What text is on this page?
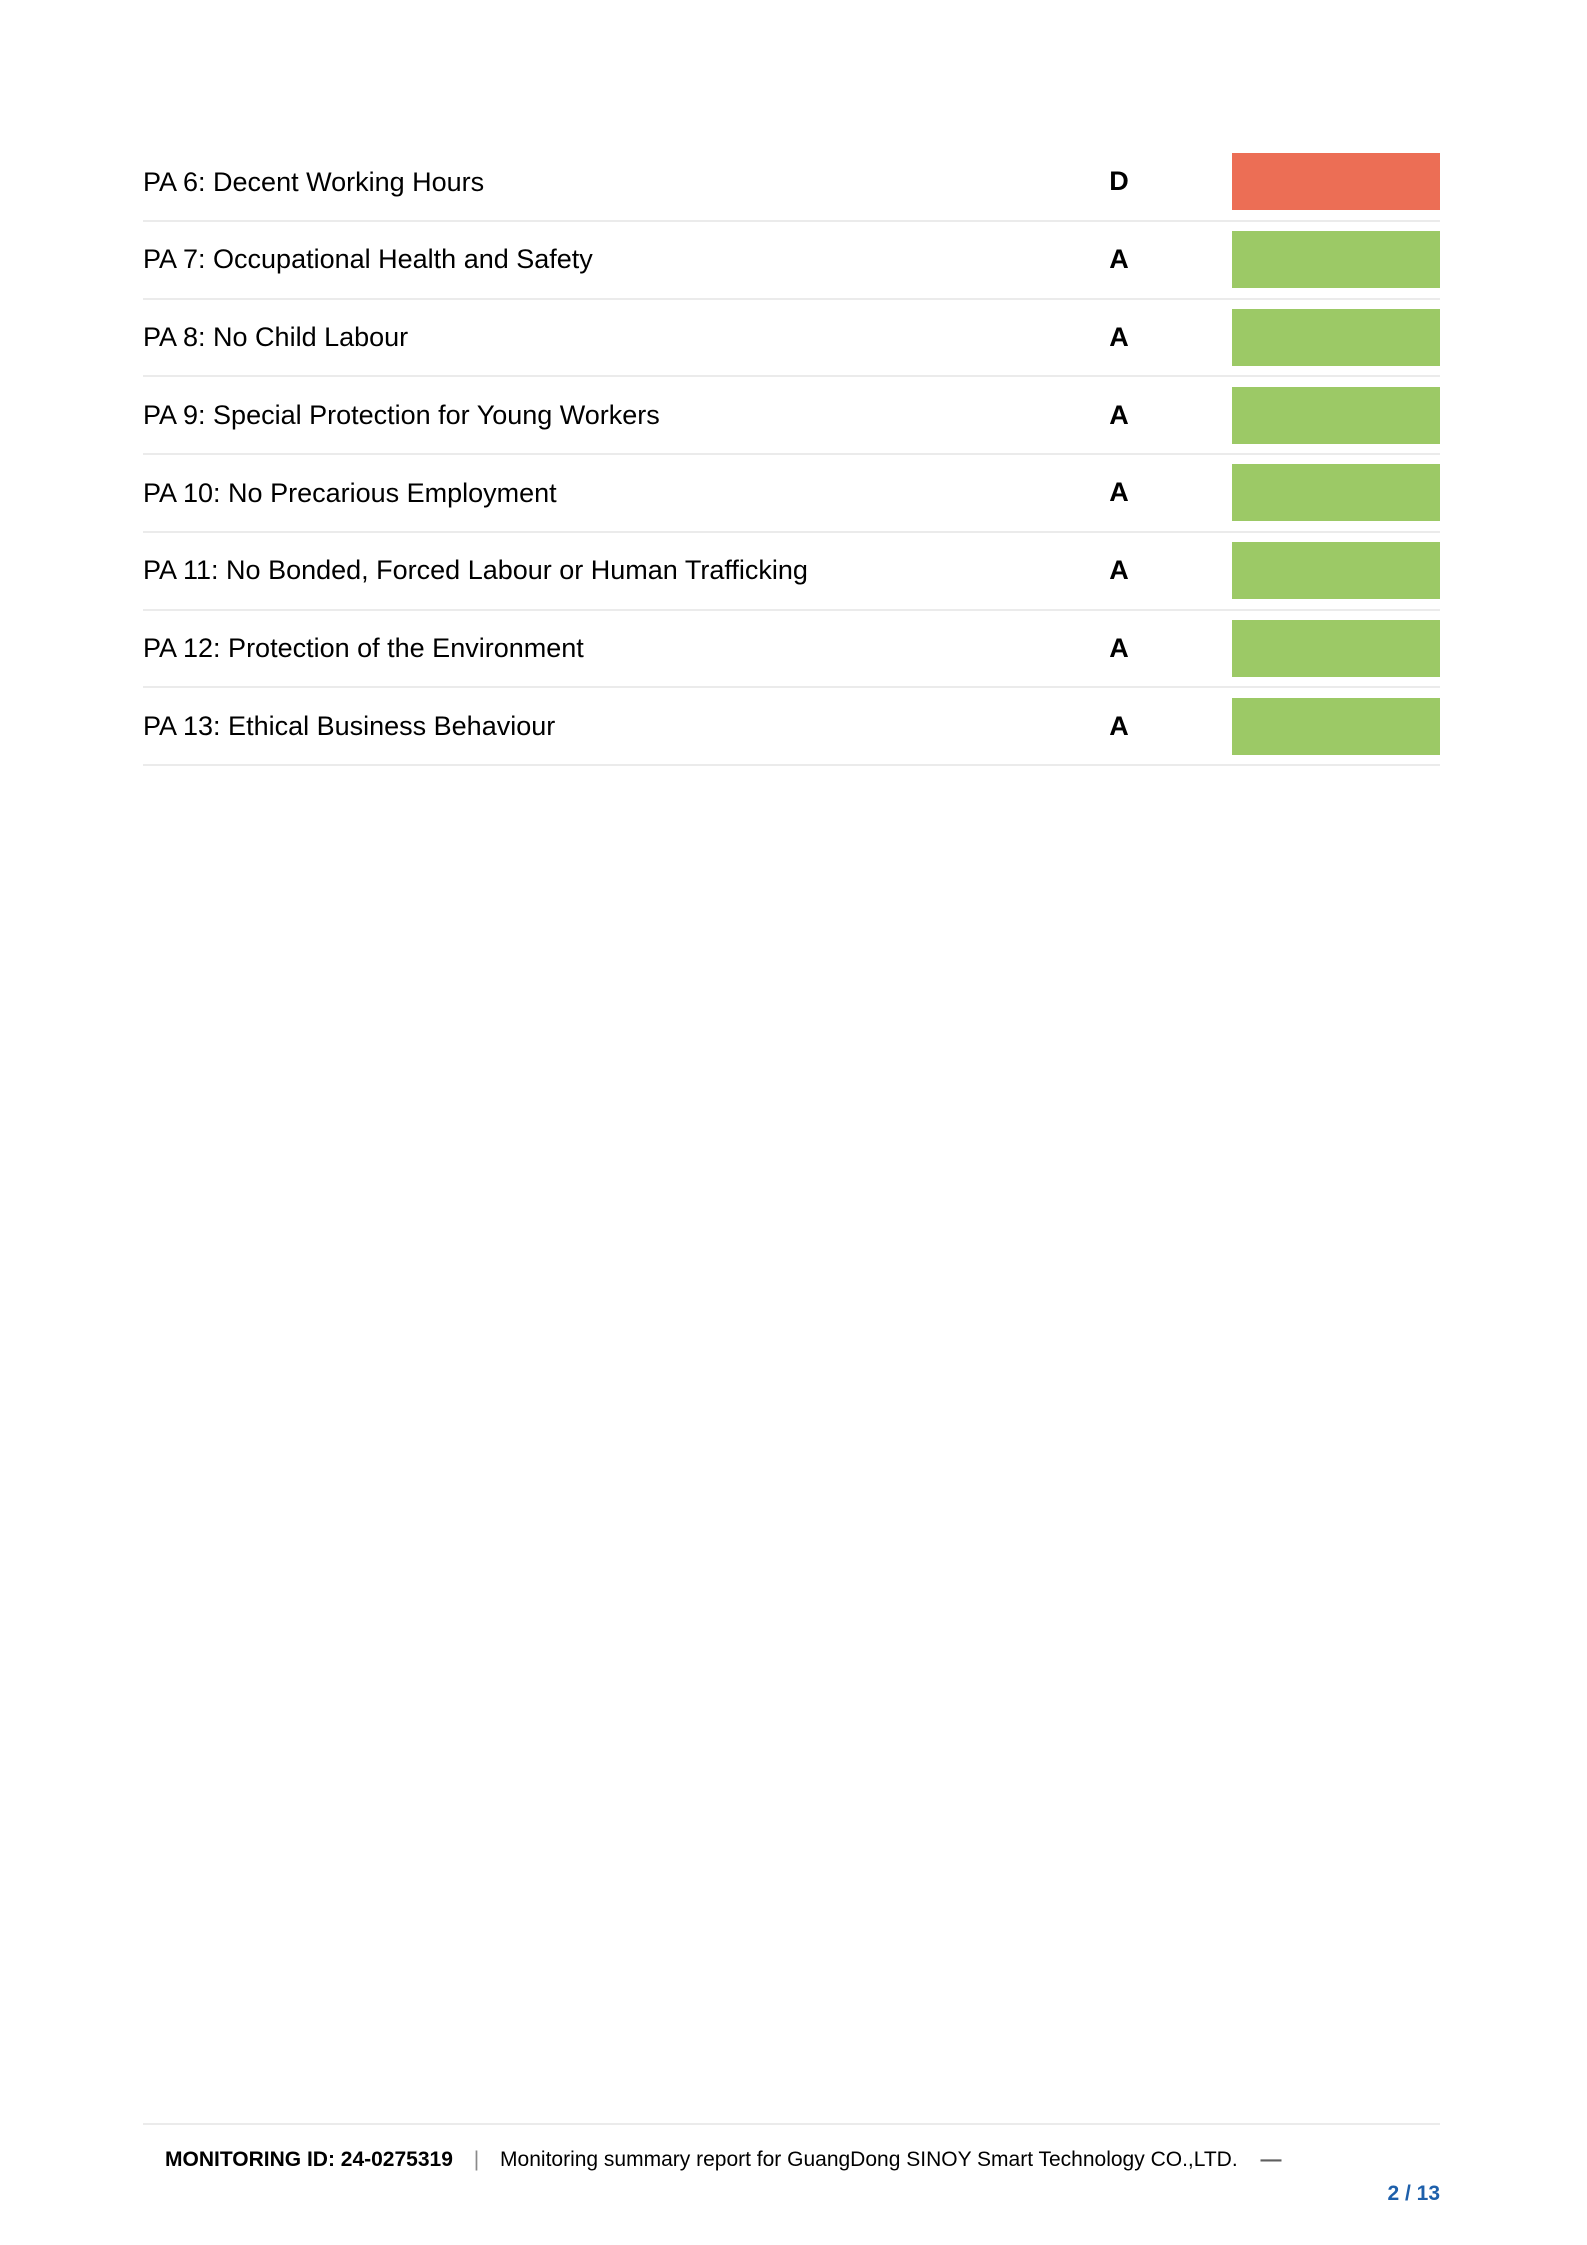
PA 6: Decent Working Hours	D
PA 7: Occupational Health and Safety	A
PA 8: No Child Labour	A
PA 9: Special Protection for Young Workers	A
PA 10: No Precarious Employment	A
PA 11: No Bonded, Forced Labour or Human Trafficking	A
PA 12: Protection of the Environment	A
PA 13: Ethical Business Behaviour	A
MONITORING ID: 24-0275319 | Monitoring summary report for GuangDong SINOY Smart Technology CO.,LTD. —
2 / 13
